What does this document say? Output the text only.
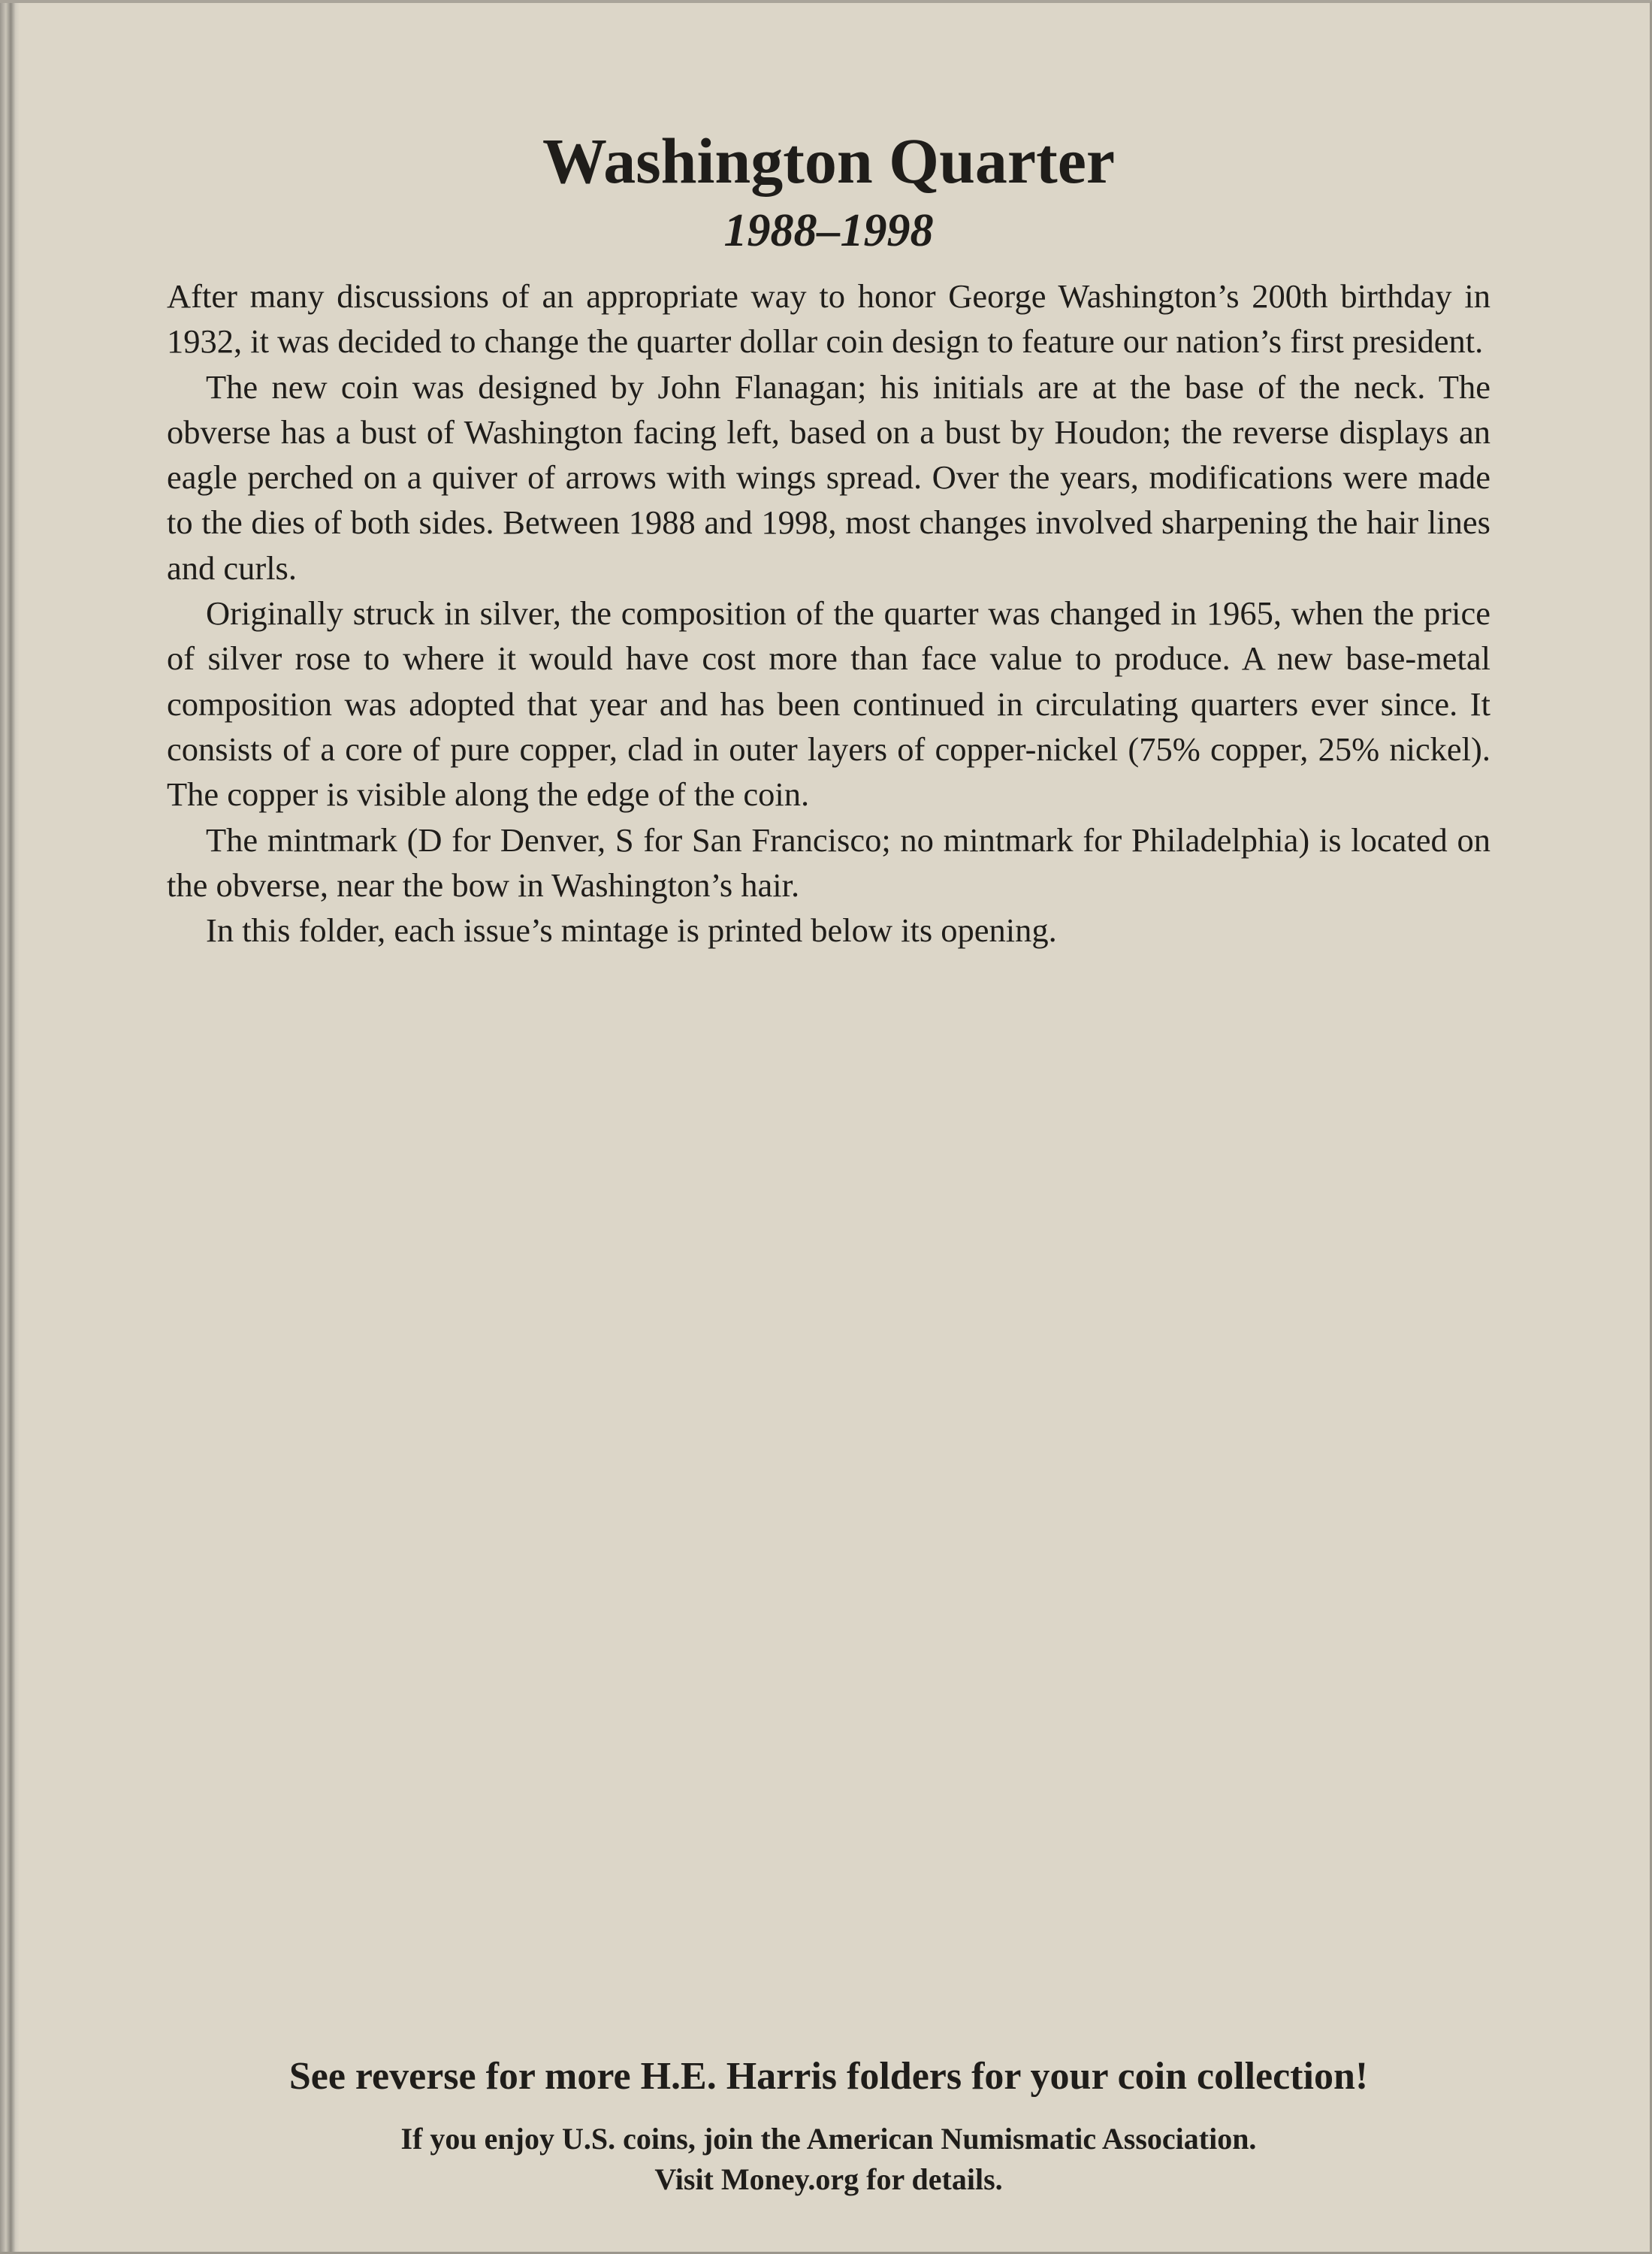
Washington Quarter
1988–1998

After many discussions of an appropriate way to honor George Washington’s 200th birthday in 1932, it was decided to change the quarter dollar coin design to feature our nation’s first president.

The new coin was designed by John Flanagan; his initials are at the base of the neck. The obverse has a bust of Washington facing left, based on a bust by Houdon; the reverse displays an eagle perched on a quiver of arrows with wings spread. Over the years, modifications were made to the dies of both sides. Between 1988 and 1998, most changes involved sharpening the hair lines and curls.

Originally struck in silver, the composition of the quarter was changed in 1965, when the price of silver rose to where it would have cost more than face value to produce. A new base-metal composition was adopted that year and has been continued in circulating quarters ever since. It consists of a core of pure copper, clad in outer layers of copper-nickel (75% copper, 25% nickel). The copper is visible along the edge of the coin.

The mintmark (D for Denver, S for San Francisco; no mintmark for Philadelphia) is located on the obverse, near the bow in Washington’s hair.

In this folder, each issue’s mintage is printed below its opening.

See reverse for more H.E. Harris folders for your coin collection!
If you enjoy U.S. coins, join the American Numismatic Association.
Visit Money.org for details.
